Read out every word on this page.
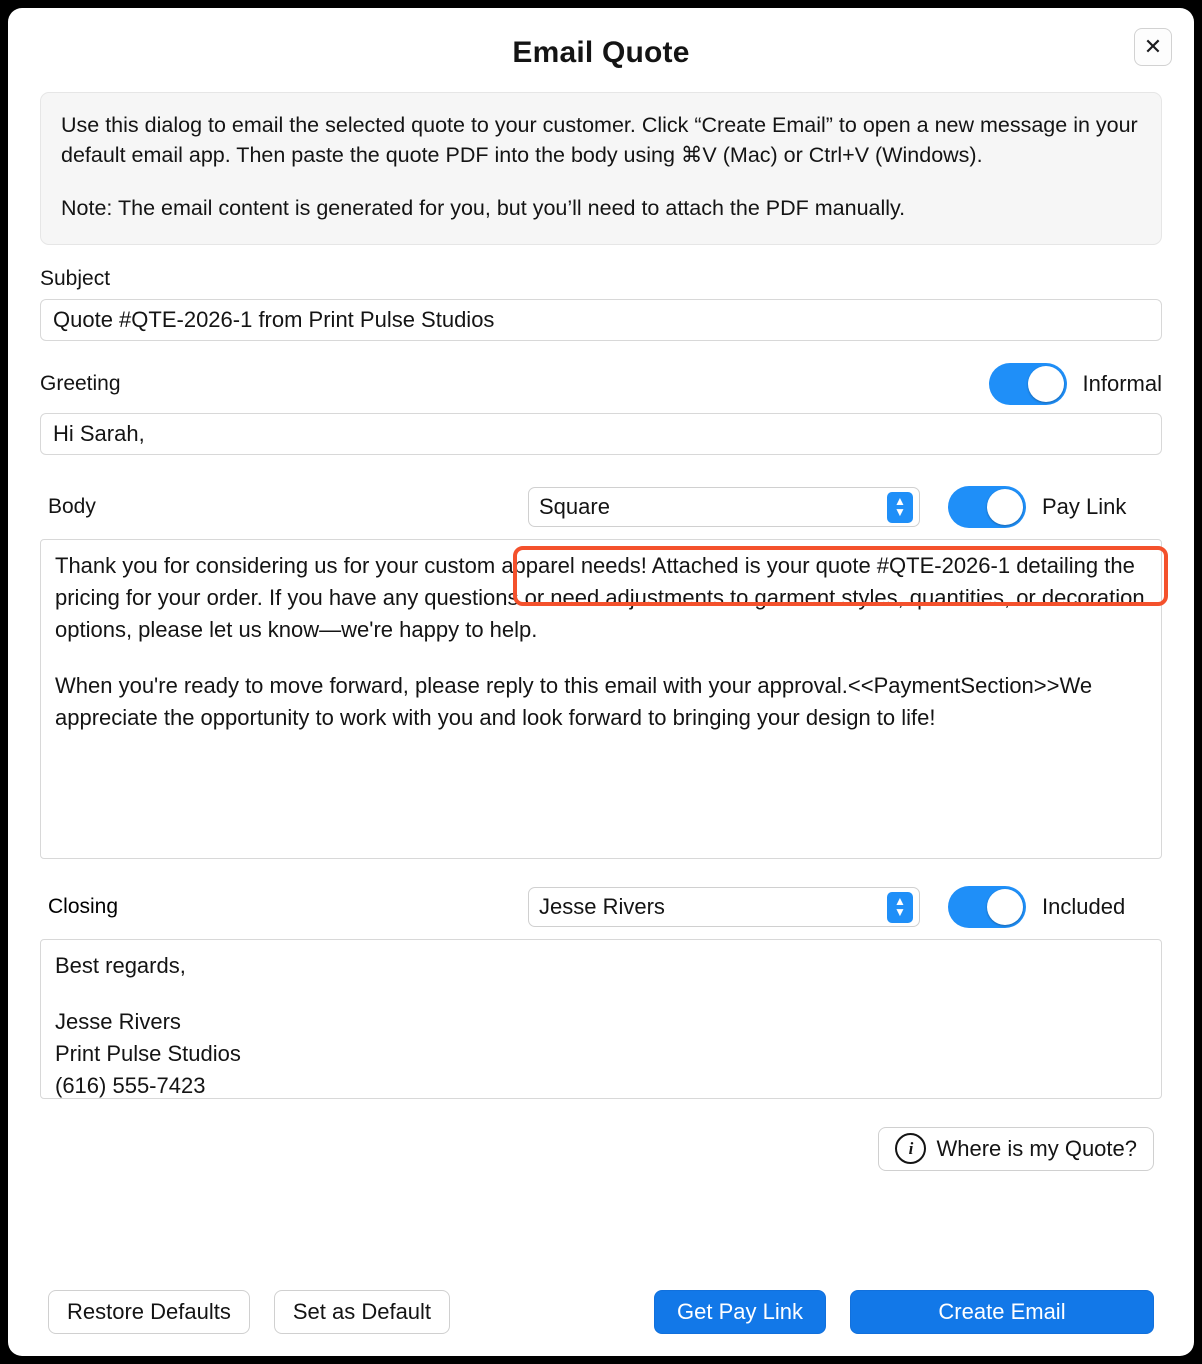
✕
Email Quote

Use this dialog to email the selected quote to your customer. Click “Create Email” to open a new message in your default email app. Then paste the quote PDF into the body using ⌘V (Mac) or Ctrl+V (Windows).

Note: The email content is generated for you, but you’ll need to attach the PDF manually.

Subject
Quote #QTE-2026-1 from Print Pulse Studios
Greeting	Informal
Hi Sarah,
Body	Square	▲
▼	Pay Link

Thank you for considering us for your custom apparel needs! Attached is your quote #QTE-2026-1 detailing the pricing for your order. If you have any questions or need adjustments to garment styles, quantities, or decoration options, please let us know—we're happy to help.

When you're ready to move forward, please reply to this email with your approval.<<PaymentSection>>We appreciate the opportunity to work with you and look forward to bringing your design to life!

Closing	Jesse Rivers	▲
▼	Included

Best regards,

Jesse Rivers

Print Pulse Studios

(616) 555-7423

i	Where is my Quote?
Restore Defaults	Set as Default	Get Pay Link	Create Email
